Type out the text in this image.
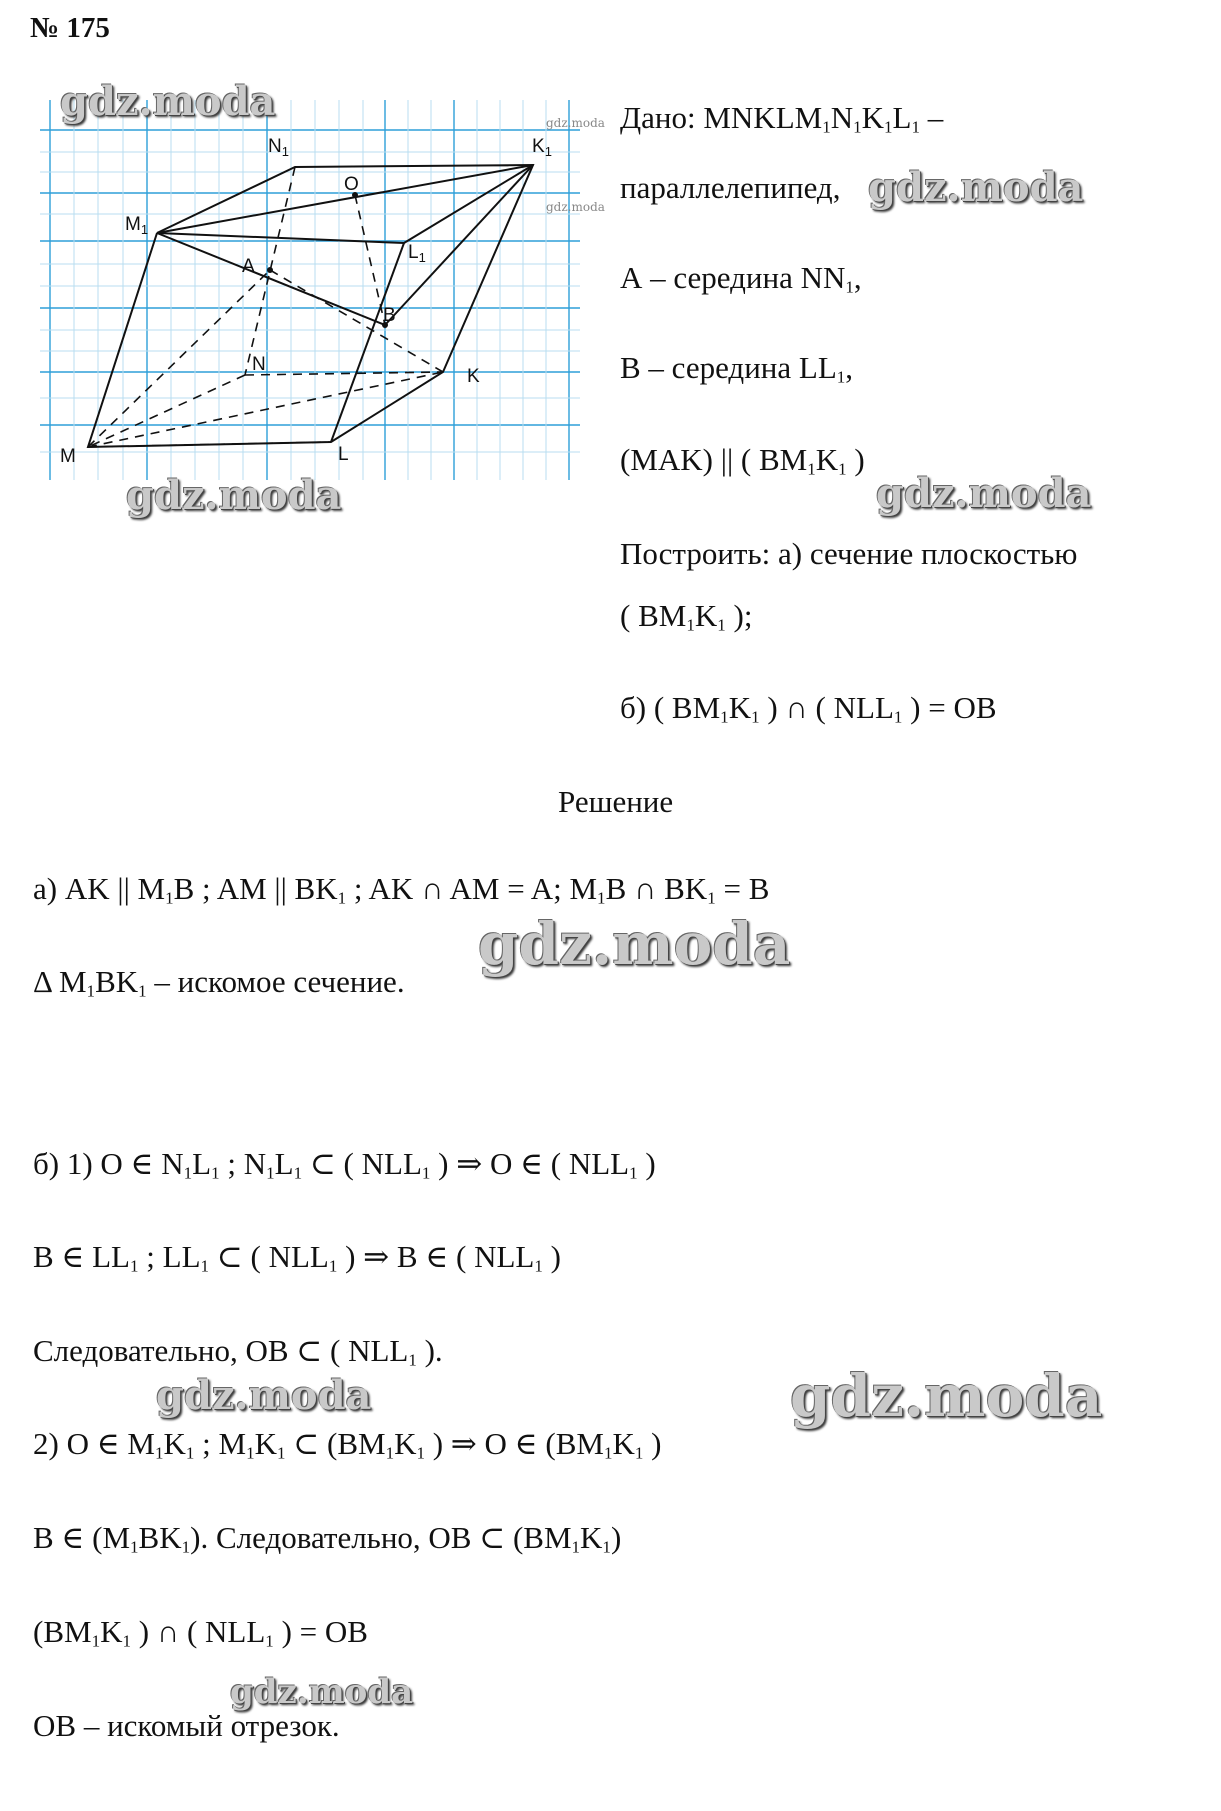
№ 175
$N_1$	$K_1$
$M_1$
$L_1$
O
A
B
N
K
L
M
gdz.moda	gdz.moda
gdz.moda
gdz.moda
Дано: $MNKLM_1N_1K_1L_1$ –
параллелепипед, gdz.moda
А – середина $NN_1$,
В – середина $LL_1$,
(MAK) || ( $BM_1K_1$ )
gdz.moda
Построить: а) сечение плоскостью
( $BM_1K_1$ );
б) ( $BM_1K_1$ ) ∩ ( $NLL_1$ ) = OB
Решение
а) AK || $M_1B$ ; AM || $BK_1$ ; AK ∩ AM = A; $M_1B$ ∩ $BK_1 = B$
gdz.moda
Δ $M_1BK_1$ – искомое сечение.
б) 1) O ∈ $N_1L_1$ ; $N_1L_1$ ⊂ ( $NLL_1$ ) ⇒ O ∈ ( $NLL_1$ )
B ∈ $LL_1$ ; $LL_1$ ⊂ ( $NLL_1$ ) ⇒ B ∈ ( $NLL_1$ )
Следовательно, OB ⊂ ( $NLL_1$ ).
gdz.moda	gdz.moda
2) O ∈ $M_1K_1$ ; $M_1K_1$ ⊂ ($BM_1K_1$ ) ⇒ O ∈ ($BM_1K_1$ )
B ∈ $(M_1BK_1)$. Следовательно, OB ⊂ $(BM_1K_1)$
($BM_1K_1$ ) ∩ ( $NLL_1$ ) = OB
gdz.moda
OB – искомый отрезок.
